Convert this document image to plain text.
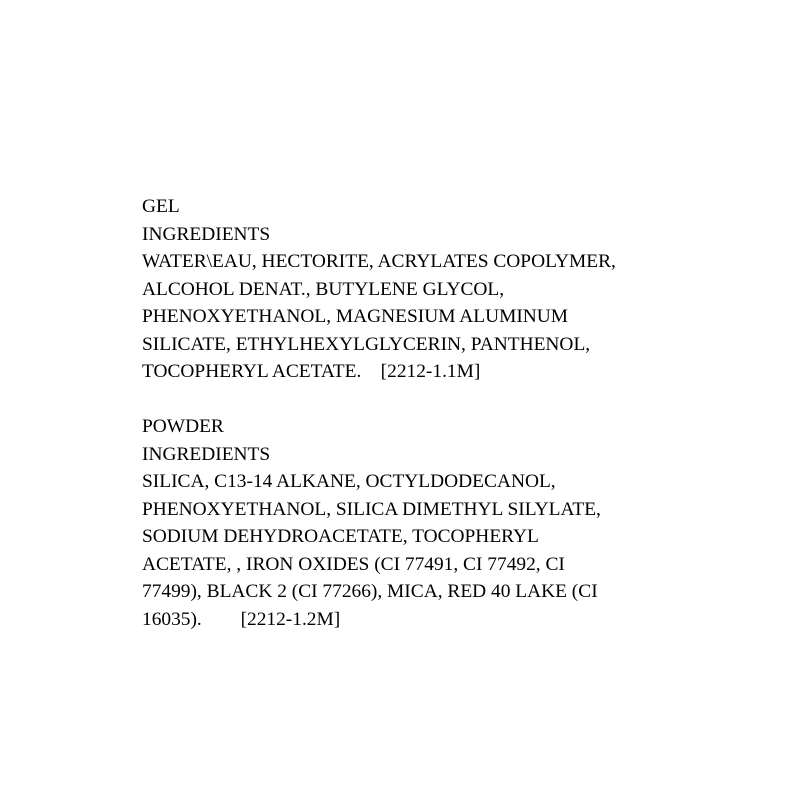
GEL
INGREDIENTS
WATER\EAU, HECTORITE, ACRYLATES COPOLYMER,
ALCOHOL DENAT., BUTYLENE GLYCOL,
PHENOXYETHANOL, MAGNESIUM ALUMINUM
SILICATE, ETHYLHEXYLGLYCERIN, PANTHENOL,
TOCOPHERYL ACETATE.    [2212-1.1M]
POWDER
INGREDIENTS
SILICA, C13-14 ALKANE, OCTYLDODECANOL,
PHENOXYETHANOL, SILICA DIMETHYL SILYLATE,
SODIUM DEHYDROACETATE, TOCOPHERYL
ACETATE, , IRON OXIDES (CI 77491, CI 77492, CI
77499), BLACK 2 (CI 77266), MICA, RED 40 LAKE (CI
16035).        [2212-1.2M]
